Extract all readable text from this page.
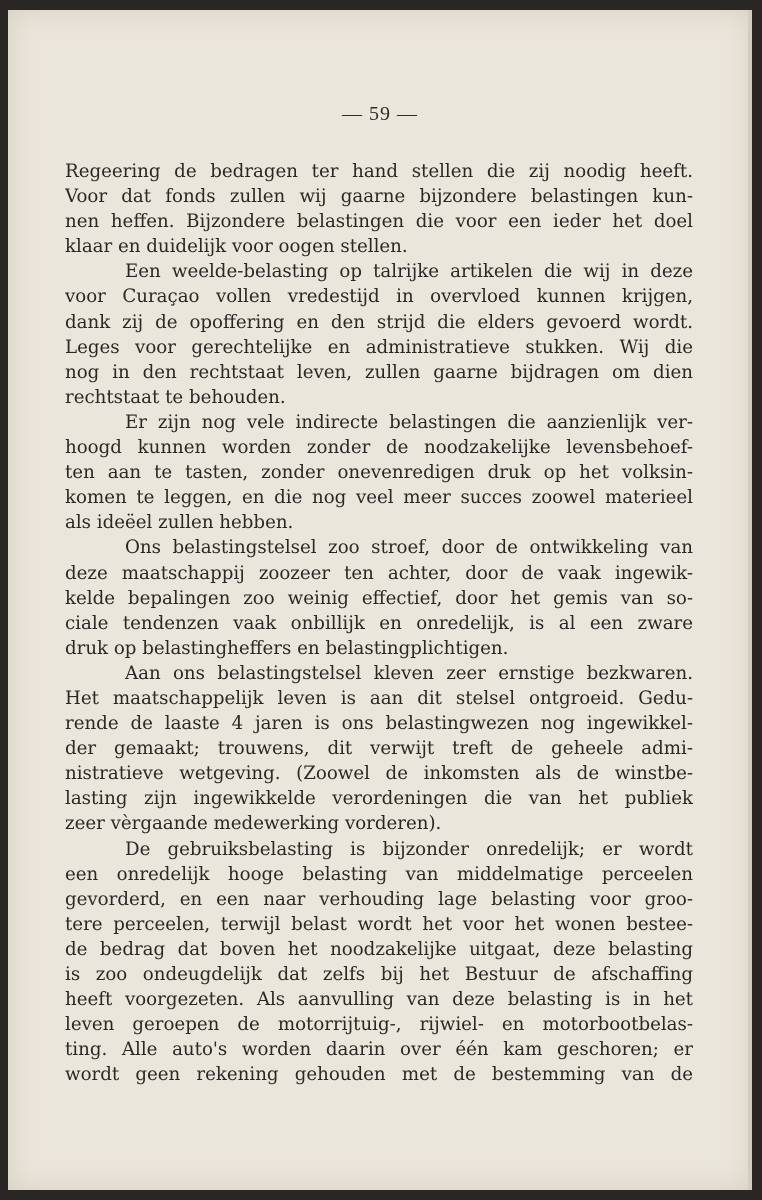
— 59 —
Regeering de bedragen ter hand stellen die zij noodig heeft.
Voor dat fonds zullen wij gaarne bijzondere belastingen kun-
nen heffen. Bijzondere belastingen die voor een ieder het doel
klaar en duidelijk voor oogen stellen.
Een weelde-belasting op talrijke artikelen die wij in deze
voor Curaçao vollen vredestijd in overvloed kunnen krijgen,
dank zij de opoffering en den strijd die elders gevoerd wordt.
Leges voor gerechtelijke en administratieve stukken. Wij die
nog in den rechtstaat leven, zullen gaarne bijdragen om dien
rechtstaat te behouden.
Er zijn nog vele indirecte belastingen die aanzienlijk ver-
hoogd kunnen worden zonder de noodzakelijke levensbehoef-
ten aan te tasten, zonder onevenredigen druk op het volksin-
komen te leggen, en die nog veel meer succes zoowel materieel
als ideëel zullen hebben.
Ons belastingstelsel zoo stroef, door de ontwikkeling van
deze maatschappij zoozeer ten achter, door de vaak ingewik-
kelde bepalingen zoo weinig effectief, door het gemis van so-
ciale tendenzen vaak onbillijk en onredelijk, is al een zware
druk op belastingheffers en belastingplichtigen.
Aan ons belastingstelsel kleven zeer ernstige bezkwaren.
Het maatschappelijk leven is aan dit stelsel ontgroeid. Gedu-
rende de laaste 4 jaren is ons belastingwezen nog ingewikkel-
der gemaakt; trouwens, dit verwijt treft de geheele admi-
nistratieve wetgeving. (Zoowel de inkomsten als de winstbe-
lasting zijn ingewikkelde verordeningen die van het publiek
zeer vèrgaande medewerking vorderen).
De gebruiksbelasting is bijzonder onredelijk; er wordt
een onredelijk hooge belasting van middelmatige perceelen
gevorderd, en een naar verhouding lage belasting voor groo-
tere perceelen, terwijl belast wordt het voor het wonen bestee-
de bedrag dat boven het noodzakelijke uitgaat, deze belasting
is zoo ondeugdelijk dat zelfs bij het Bestuur de afschaffing
heeft voorgezeten. Als aanvulling van deze belasting is in het
leven geroepen de motorrijtuig-, rijwiel- en motorbootbelas-
ting. Alle auto's worden daarin over één kam geschoren; er
wordt geen rekening gehouden met de bestemming van de
